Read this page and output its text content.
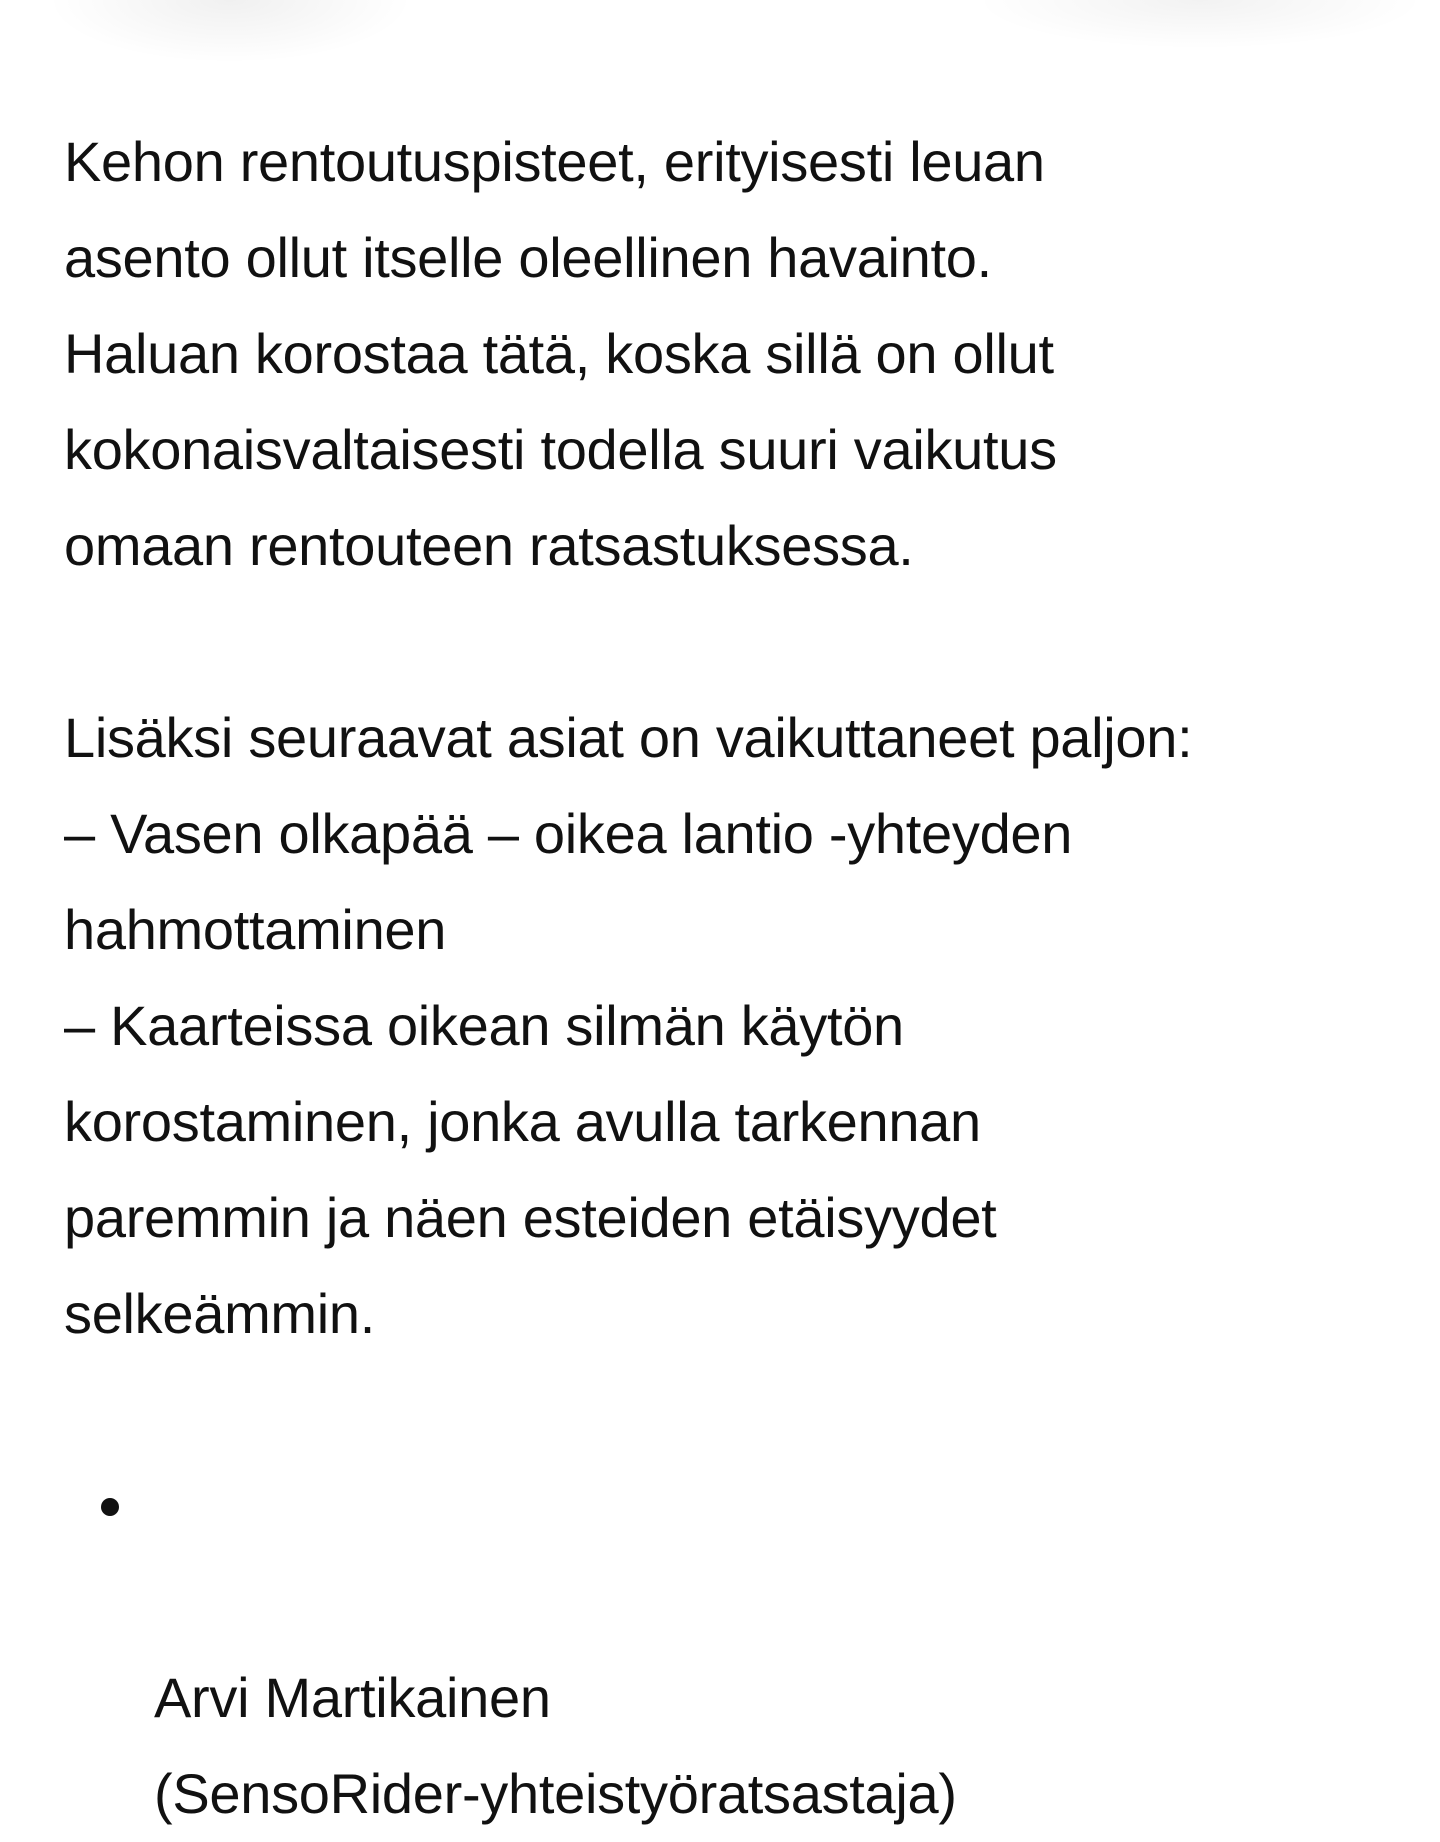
Kehon rentoutuspisteet, erityisesti leuan
asento ollut itselle oleellinen havainto.
Haluan korostaa tätä, koska sillä on ollut
kokonaisvaltaisesti todella suuri vaikutus
omaan rentouteen ratsastuksessa.

Lisäksi seuraavat asiat on vaikuttaneet paljon:
– Vasen olkapää – oikea lantio -yhteyden
hahmottaminen
– Kaarteissa oikean silmän käytön
korostaminen, jonka avulla tarkennan
paremmin ja näen esteiden etäisyydet
selkeämmin.

Arvi Martikainen
(SensoRider-yhteistyöratsastaja)
